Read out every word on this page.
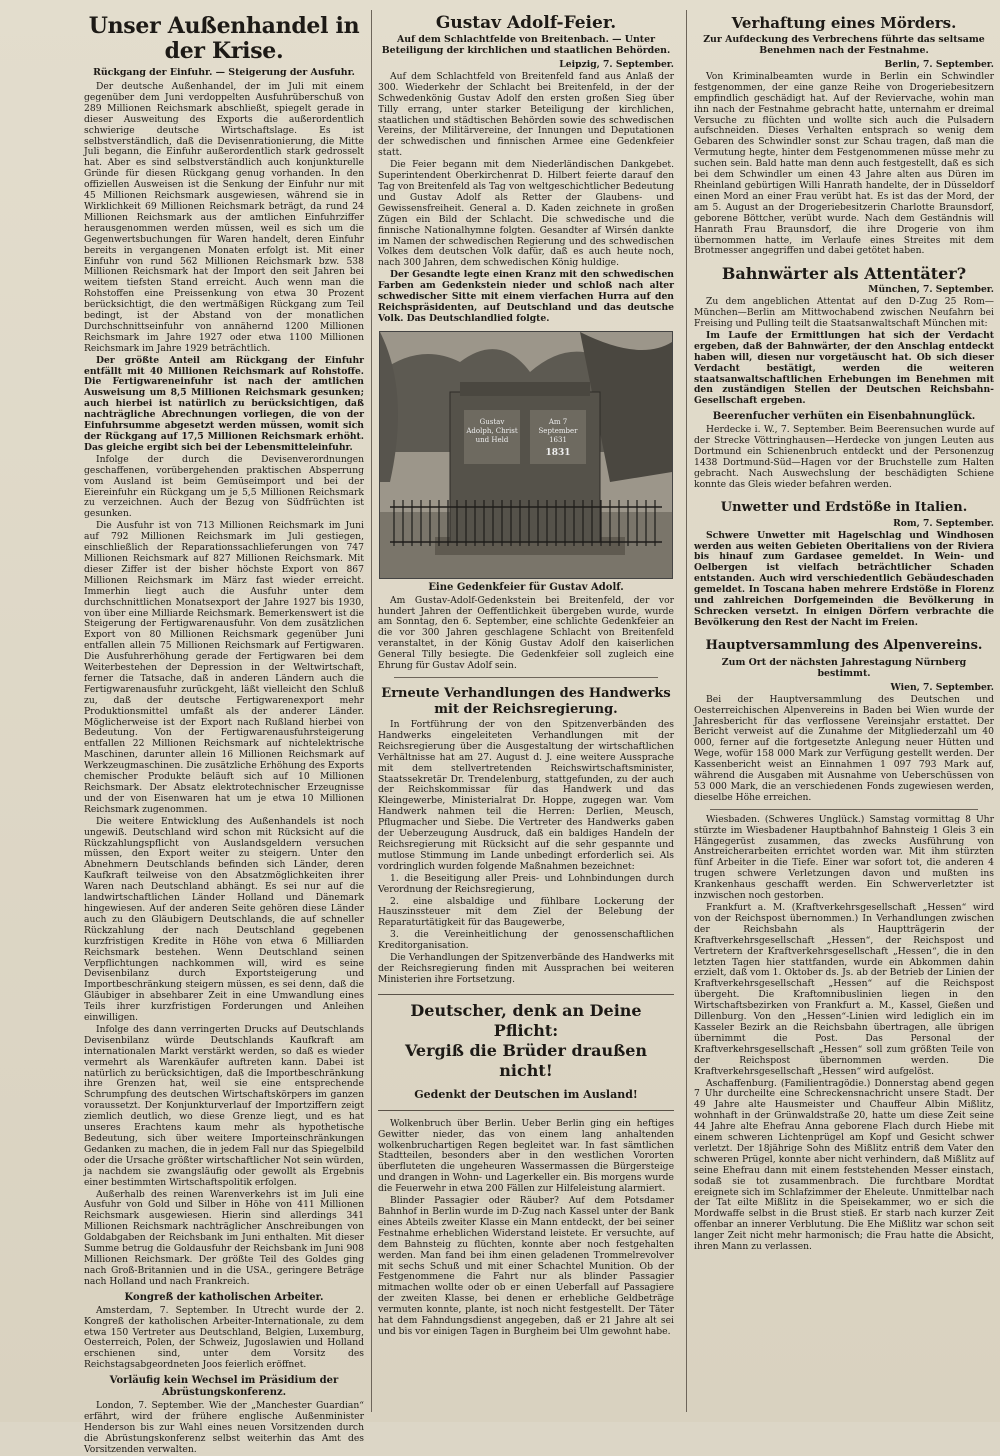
Unser Außenhandel in der Krise.
Rückgang der Einfuhr. — Steigerung der Ausfuhr.

Der deutsche Außenhandel, der im Juli mit einem gegenüber dem Juni verdoppelten Ausfuhrüberschuß von 289 Millionen Reichsmark abschließt, spiegelt gerade in dieser Ausweitung des Exports die außerordentlich schwierige deutsche Wirtschaftslage. Es ist selbstverständlich, daß die Devisenrationierung, die Mitte Juli begann, die Einfuhr außerordentlich stark gedrosselt hat. Aber es sind selbstverständlich auch konjunkturelle Gründe für diesen Rückgang genug vorhanden. In den offiziellen Ausweisen ist die Senkung der Einfuhr nur mit 45 Millionen Reichsmark ausgewiesen, während sie in Wirklichkeit 69 Millionen Reichsmark beträgt, da rund 24 Millionen Reichsmark aus der amtlichen Einfuhrziffer herausgenommen werden müssen, weil es sich um die Gegenwertsbuchungen für Waren handelt, deren Einfuhr bereits in vergangenen Monaten erfolgt ist. Mit einer Einfuhr von rund 562 Millionen Reichsmark bzw. 538 Millionen Reichsmark hat der Import den seit Jahren bei weitem tiefsten Stand erreicht. Auch wenn man die Rohstoffen eine Preissenkung von etwa 30 Prozent berücksichtigt, die den wertmäßigen Rückgang zum Teil bedingt, ist der Abstand von der monatlichen Durchschnittseinfuhr von annähernd 1200 Millionen Reichsmark im Jahre 1927 oder etwa 1100 Millionen Reichsmark im Jahre 1929 beträchtlich.

Der größte Anteil am Rückgang der Einfuhr entfällt mit 40 Millionen Reichsmark auf Rohstoffe. Die Fertigwareneinfuhr ist nach der amtlichen Ausweisung um 8,5 Millionen Reichsmark gesunken; auch hierbei ist natürlich zu berücksichtigen, daß nachträgliche Abrechnungen vorliegen, die von der Einfuhrsumme abgesetzt werden müssen, womit sich der Rückgang auf 17,5 Millionen Reichsmark erhöht. Das gleiche ergibt sich bei der Lebensmitteleinfuhr.

Infolge der durch die Devisenverordnungen geschaffenen, vorübergehenden praktischen Absperrung vom Ausland ist beim Gemüseimport und bei der Eiereinfuhr ein Rückgang um je 5,5 Millionen Reichsmark zu verzeichnen. Auch der Bezug von Südfrüchten ist gesunken.

Die Ausfuhr ist von 713 Millionen Reichsmark im Juni auf 792 Millionen Reichsmark im Juli gestiegen, einschließlich der Reparationssachlieferungen von 747 Millionen Reichsmark auf 827 Millionen Reichsmark. Mit dieser Ziffer ist der bisher höchste Export von 867 Millionen Reichsmark im März fast wieder erreicht. Immerhin liegt auch die Ausfuhr unter dem durchschnittlichen Monatsexport der Jahre 1927 bis 1930, von über eine Milliarde Reichsmark. Bemerkenswert ist die Steigerung der Fertigwarenausfuhr. Von dem zusätzlichen Export von 80 Millionen Reichsmark gegenüber Juni entfallen allein 75 Millionen Reichsmark auf Fertigwaren. Die Ausfuhrerhöhung gerade der Fertigwaren bei dem Weiterbestehen der Depression in der Weltwirtschaft, ferner die Tatsache, daß in anderen Ländern auch die Fertigwarenausfuhr zurückgeht, läßt vielleicht den Schluß zu, daß der deutsche Fertigwarenexport mehr Produktionsmittel umfaßt als der anderer Länder. Möglicherweise ist der Export nach Rußland hierbei von Bedeutung. Von der Fertigwarenausfuhrsteigerung entfallen 22 Millionen Reichsmark auf nichtelektrische Maschinen, darunter allein 16 Millionen Reichsmark auf Werkzeugmaschinen. Die zusätzliche Erhöhung des Exports chemischer Produkte beläuft sich auf 10 Millionen Reichsmark. Der Absatz elektrotechnischer Erzeugnisse und der von Eisenwaren hat um je etwa 10 Millionen Reichsmark zugenommen.

Die weitere Entwicklung des Außenhandels ist noch ungewiß. Deutschland wird schon mit Rücksicht auf die Rückzahlungspflicht von Auslandsgeldern versuchen müssen, den Export weiter zu steigern. Unter den Abnehmern Deutschlands befinden sich Länder, deren Kaufkraft teilweise von den Absatzmöglichkeiten ihrer Waren nach Deutschland abhängt. Es sei nur auf die landwirtschaftlichen Länder Holland und Dänemark hingewiesen. Auf der anderen Seite gehören diese Länder auch zu den Gläubigern Deutschlands, die auf schneller Rückzahlung der nach Deutschland gegebenen kurzfristigen Kredite in Höhe von etwa 6 Milliarden Reichsmark bestehen. Wenn Deutschland seinen Verpflichtungen nachkommen will, wird es seine Devisenbilanz durch Exportsteigerung und Importbeschränkung steigern müssen, es sei denn, daß die Gläubiger in absehbarer Zeit in eine Umwandlung eines Teils ihrer kurzfristigen Forderungen und Anleihen einwilligen.

Infolge des dann verringerten Drucks auf Deutschlands Devisenbilanz würde Deutschlands Kaufkraft am internationalen Markt verstärkt werden, so daß es wieder vermehrt als Warenkäufer auftreten kann. Dabei ist natürlich zu berücksichtigen, daß die Importbeschränkung ihre Grenzen hat, weil sie eine entsprechende Schrumpfung des deutschen Wirtschaftskörpers im ganzen voraussetzt. Der Konjunkturverlauf der Importziffern zeigt ziemlich deutlich, wo diese Grenze liegt, und es hat unseres Erachtens kaum mehr als hypothetische Bedeutung, sich über weitere Importeinschränkungen Gedanken zu machen, die in jedem Fall nur das Spiegelbild oder die Ursache größter wirtschaftlicher Not sein würden, ja nachdem sie zwangsläufig oder gewollt als Ergebnis einer bestimmten Wirtschaftspolitik erfolgen.

Außerhalb des reinen Warenverkehrs ist im Juli eine Ausfuhr von Gold und Silber in Höhe von 411 Millionen Reichsmark ausgewiesen. Hierin sind allerdings 341 Millionen Reichsmark nachträglicher Anschreibungen von Goldabgaben der Reichsbank im Juni enthalten. Mit dieser Summe betrug die Goldausfuhr der Reichsbank im Juni 908 Millionen Reichsmark. Der größte Teil des Goldes ging nach Groß-Britannien und in die USA., geringere Beträge nach Holland und nach Frankreich.

Kongreß der katholischen Arbeiter.

Amsterdam, 7. September. In Utrecht wurde der 2. Kongreß der katholischen Arbeiter-Internationale, zu dem etwa 150 Vertreter aus Deutschland, Belgien, Luxemburg, Oesterreich, Polen, der Schweiz, Jugoslawien und Holland erschienen sind, unter dem Vorsitz des Reichstagsabgeordneten Joos feierlich eröffnet.

Vorläufig kein Wechsel im Präsidium der Abrüstungskonferenz.

London, 7. September. Wie der „Manchester Guardian“ erfährt, wird der frühere englische Außenminister Henderson bis zur Wahl eines neuen Vorsitzenden durch die Abrüstungskonferenz selbst weiterhin das Amt des Vorsitzenden verwalten.

Gustav Adolf-Feier.
Auf dem Schlachtfelde von Breitenbach. — Unter Beteiligung der kirchlichen und staatlichen Behörden.
Leipzig, 7. September.

Auf dem Schlachtfeld von Breitenfeld fand aus Anlaß der 300. Wiederkehr der Schlacht bei Breitenfeld, in der der Schwedenkönig Gustav Adolf den ersten großen Sieg über Tilly errang, unter starker Beteiligung der kirchlichen, staatlichen und städtischen Behörden sowie des schwedischen Vereins, der Militärvereine, der Innungen und Deputationen der schwedischen und finnischen Armee eine Gedenkfeier statt.

Die Feier begann mit dem Niederländischen Dankgebet. Superintendent Oberkirchenrat D. Hilbert feierte darauf den Tag von Breitenfeld als Tag von weltgeschichtlicher Bedeutung und Gustav Adolf als Retter der Glaubens- und Gewissensfreiheit. General a. D. Kaden zeichnete in großen Zügen ein Bild der Schlacht. Die schwedische und die finnische Nationalhymne folgten. Gesandter af Wirsén dankte im Namen der schwedischen Regierung und des schwedischen Volkes dem deutschen Volk dafür, daß es auch heute noch, nach 300 Jahren, dem schwedischen König huldige.

Der Gesandte legte einen Kranz mit den schwedischen Farben am Gedenkstein nieder und schloß nach alter schwedischer Sitte mit einem vierfachen Hurra auf den Reichspräsidenten, auf Deutschland und das deutsche Volk. Das Deutschlandlied folgte.

Gustav Adolph, Christ und Held
Am 7 September 1631
1831
Eine Gedenkfeier für Gustav Adolf.

Am Gustav-Adolf-Gedenkstein bei Breitenfeld, der vor hundert Jahren der Oeffentlichkeit übergeben wurde, wurde am Sonntag, den 6. September, eine schlichte Gedenkfeier an die vor 300 Jahren geschlagene Schlacht von Breitenfeld veranstaltet, in der König Gustav Adolf den kaiserlichen General Tilly besiegte. Die Gedenkfeier soll zugleich eine Ehrung für Gustav Adolf sein.

Erneute Verhandlungen des Handwerks mit der Reichsregierung.

In Fortführung der von den Spitzenverbänden des Handwerks eingeleiteten Verhandlungen mit der Reichsregierung über die Ausgestaltung der wirtschaftlichen Verhältnisse hat am 27. August d. J. eine weitere Aussprache mit dem stellvertretenden Reichswirtschaftsminister, Staatssekretär Dr. Trendelenburg, stattgefunden, zu der auch der Reichskommissar für das Handwerk und das Kleingewerbe, Ministerialrat Dr. Hoppe, zugegen war. Vom Handwerk nahmen teil die Herren: Derlien, Meusch, Pflugmacher und Siebe. Die Vertreter des Handwerks gaben der Ueberzeugung Ausdruck, daß ein baldiges Handeln der Reichsregierung mit Rücksicht auf die sehr gespannte und mutlose Stimmung im Lande unbedingt erforderlich sei. Als vordringlich wurden folgende Maßnahmen bezeichnet:

1. die Beseitigung aller Preis- und Lohnbindungen durch Verordnung der Reichsregierung,

2. eine alsbaldige und fühlbare Lockerung der Hauszinssteuer mit dem Ziel der Belebung der Reparaturtätigkeit für das Baugewerbe,

3. die Vereinheitlichung der genossenschaftlichen Kreditorganisation.

Die Verhandlungen der Spitzenverbände des Handwerks mit der Reichsregierung finden mit Aussprachen bei weiteren Ministerien ihre Fortsetzung.

Deutscher, denk an Deine Pflicht:
Vergiß die Brüder draußen nicht!
Gedenkt der Deutschen im Ausland!

Wolkenbruch über Berlin. Ueber Berlin ging ein heftiges Gewitter nieder, das von einem lang anhaltenden wolkenbruchartigen Regen begleitet war. In fast sämtlichen Stadtteilen, besonders aber in den westlichen Vororten überfluteten die ungeheuren Wassermassen die Bürgersteige und drangen in Wohn- und Lagerkeller ein. Bis morgens wurde die Feuerwehr in etwa 200 Fällen zur Hilfeleistung alarmiert.

Blinder Passagier oder Räuber? Auf dem Potsdamer Bahnhof in Berlin wurde im D-Zug nach Kassel unter der Bank eines Abteils zweiter Klasse ein Mann entdeckt, der bei seiner Festnahme erheblichen Widerstand leistete. Er versuchte, auf dem Bahnsteig zu flüchten, konnte aber noch festgehalten werden. Man fand bei ihm einen geladenen Trommelrevolver mit sechs Schuß und mit einer Schachtel Munition. Ob der Festgenommene die Fahrt nur als blinder Passagier mitmachen wollte oder ob er einen Ueberfall auf Passagiere der zweiten Klasse, bei denen er erhebliche Geldbeträge vermuten konnte, plante, ist noch nicht festgestellt. Der Täter hat dem Fahndungsdienst angegeben, daß er 21 Jahre alt sei und bis vor einigen Tagen in Burgheim bei Ulm gewohnt habe.

Verhaftung eines Mörders.
Zur Aufdeckung des Verbrechens führte das seltsame Benehmen nach der Festnahme.
Berlin, 7. September.

Von Kriminalbeamten wurde in Berlin ein Schwindler festgenommen, der eine ganze Reihe von Drogeriebesitzern empfindlich geschädigt hat. Auf der Reviervache, wohin man ihn nach der Festnahme gebracht hatte, unternahm er dreimal Versuche zu flüchten und wollte sich auch die Pulsadern aufschneiden. Dieses Verhalten entsprach so wenig dem Gebaren des Schwindler sonst zur Schau tragen, daß man die Vermutung hegte, hinter dem Festgenommenen müsse mehr zu suchen sein. Bald hatte man denn auch festgestellt, daß es sich bei dem Schwindler um einen 43 Jahre alten aus Düren im Rheinland gebürtigen Willi Hanrath handelte, der in Düsseldorf einen Mord an einer Frau verübt hat. Es ist das der Mord, der am 5. August an der Drogeriebesitzerin Charlotte Braunsdorf, geborene Böttcher, verübt wurde. Nach dem Geständnis will Hanrath Frau Braunsdorf, die ihre Drogerie von ihm übernommen hatte, im Verlaufe eines Streites mit dem Brotmesser angegriffen und dabei getötet haben.

Bahnwärter als Attentäter?
München, 7. September.

Zu dem angeblichen Attentat auf den D-Zug 25 Rom—München—Berlin am Mittwochabend zwischen Neufahrn bei Freising und Pulling teilt die Staatsanwaltschaft München mit:

Im Laufe der Ermittlungen hat sich der Verdacht ergeben, daß der Bahnwärter, der den Anschlag entdeckt haben will, diesen nur vorgetäuscht hat. Ob sich dieser Verdacht bestätigt, werden die weiteren staatsanwaltschaftlichen Erhebungen im Benehmen mit den zuständigen Stellen der Deutschen Reichsbahn-Gesellschaft ergeben.

Beerenfucher verhüten ein Eisenbahnunglück.

Herdecke i. W., 7. September. Beim Beerensuchen wurde auf der Strecke Vöttringhausen—Herdecke von jungen Leuten aus Dortmund ein Schienenbruch entdeckt und der Personenzug 1438 Dortmund-Süd—Hagen vor der Bruchstelle zum Halten gebracht. Nach Auswechslung der beschädigten Schiene konnte das Gleis wieder befahren werden.

Unwetter und Erdstöße in Italien.
Rom, 7. September.

Schwere Unwetter mit Hagelschlag und Windhosen werden aus weiten Gebieten Oberitaliens von der Riviera bis hinauf zum Gardasee gemeldet. In Wein- und Oelbergen ist vielfach beträchtlicher Schaden entstanden. Auch wird verschiedentlich Gebäudeschaden gemeldet. In Toscana haben mehrere Erdstöße in Florenz und zahlreichen Dorfgemeinden die Bevölkerung in Schrecken versetzt. In einigen Dörfern verbrachte die Bevölkerung den Rest der Nacht im Freien.

Hauptversammlung des Alpenvereins.
Zum Ort der nächsten Jahrestagung Nürnberg bestimmt.
Wien, 7. September.

Bei der Hauptversammlung des Deutschen und Oesterreichischen Alpenvereins in Baden bei Wien wurde der Jahresbericht für das verflossene Vereinsjahr erstattet. Der Bericht verweist auf die Zunahme der Mitgliederzahl um 40 000, ferner auf die fortgesetzte Anlegung neuer Hütten und Wege, wofür 158 000 Mark zur Verfügung gestellt werden. Der Kassenbericht weist an Einnahmen 1 097 793 Mark auf, während die Ausgaben mit Ausnahme von Ueberschüssen von 53 000 Mark, die an verschiedenen Fonds zugewiesen werden, dieselbe Höhe erreichen.

Wiesbaden. (Schweres Unglück.) Samstag vormittag 8 Uhr stürzte im Wiesbadener Hauptbahnhof Bahnsteig 1 Gleis 3 ein Hängegerüst zusammen, das zwecks Ausführung von Anstreicherarbeiten errichtet worden war. Mit ihm stürzten fünf Arbeiter in die Tiefe. Einer war sofort tot, die anderen 4 trugen schwere Verletzungen davon und mußten ins Krankenhaus geschafft werden. Ein Schwerverletzter ist inzwischen noch gestorben.

Frankfurt a. M. (Kraftverkehrsgesellschaft „Hessen“ wird von der Reichspost übernommen.) In Verhandlungen zwischen der Reichsbahn als Hauptträgerin der Kraftverkehrsgesellschaft „Hessen“, der Reichspost und Vertretern der Kraftverkehrsgesellschaft „Hessen“, die in den letzten Tagen hier stattfanden, wurde ein Abkommen dahin erzielt, daß vom 1. Oktober ds. Js. ab der Betrieb der Linien der Kraftverkehrsgesellschaft „Hessen“ auf die Reichspost übergeht. Die Kraftomnibuslinien liegen in den Wirtschaftsbezirken von Frankfurt a. M., Kassel, Gießen und Dillenburg. Von den „Hessen“-Linien wird lediglich ein im Kasseler Bezirk an die Reichsbahn übertragen, alle übrigen übernimmt die Post. Das Personal der Kraftverkehrsgesellschaft „Hessen“ soll zum größten Teile von der Reichspost übernommen werden. Die Kraftverkehrsgesellschaft „Hessen“ wird aufgelöst.

Aschaffenburg. (Familientragödie.) Donnerstag abend gegen 7 Uhr durcheilte eine Schreckensnachricht unsere Stadt. Der 49 Jahre alte Hausmeister und Chauffeur Albin Mißlitz, wohnhaft in der Grünwaldstraße 20, hatte um diese Zeit seine 44 Jahre alte Ehefrau Anna geborene Flach durch Hiebe mit einem schweren Lichtenprügel am Kopf und Gesicht schwer verletzt. Der 18jährige Sohn des Mißlitz entriß dem Vater den schweren Prügel, konnte aber nicht verhindern, daß Mißlitz auf seine Ehefrau dann mit einem feststehenden Messer einstach, sodaß sie tot zusammenbrach. Die furchtbare Mordtat ereignete sich im Schlafzimmer der Eheleute. Unmittelbar nach der Tat eilte Mißlitz in die Speisekammer, wo er sich die Mordwaffe selbst in die Brust stieß. Er starb nach kurzer Zeit offenbar an innerer Verblutung. Die Ehe Mißlitz war schon seit langer Zeit nicht mehr harmonisch; die Frau hatte die Absicht, ihren Mann zu verlassen.
